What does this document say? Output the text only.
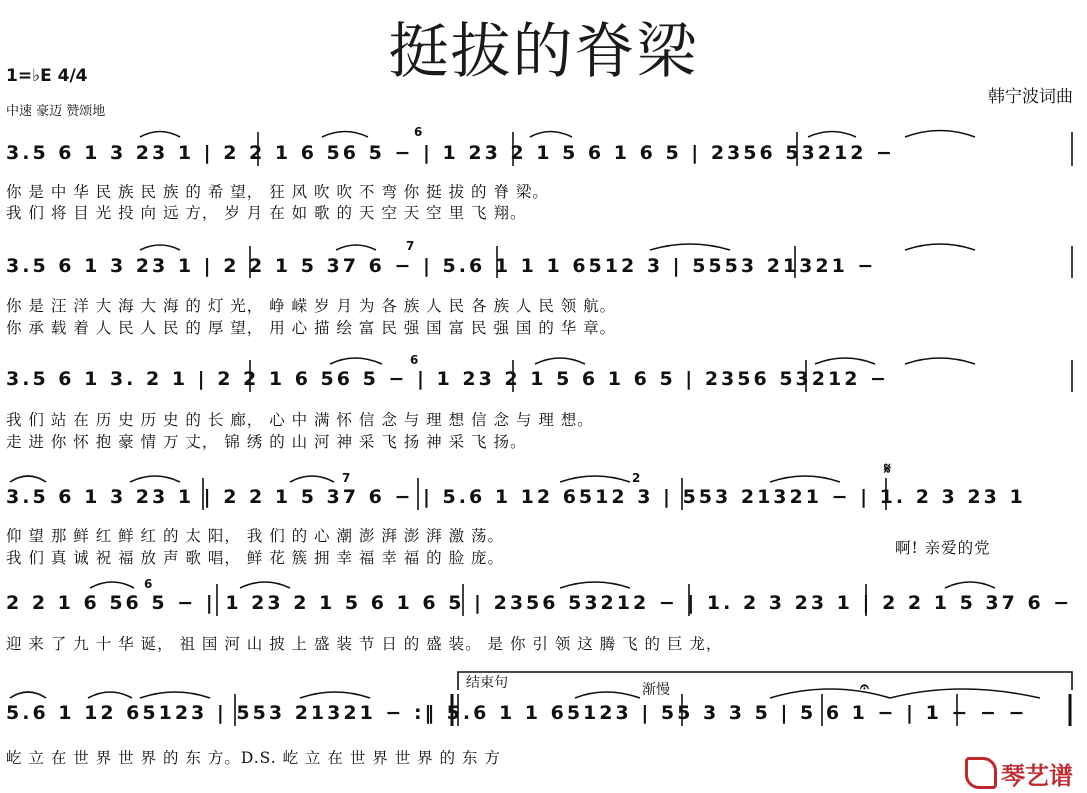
挺拔的脊梁
1=♭E 4/4
中速 豪迈 赞颂地
韩宁波词曲
6
7
6
7	2
6
𝄋
𝄐
3.5 6 1 3 23 1 | 2 2 1 6 56 5 − | 1 23 2 1 5 6 1 6 5 | 2356 53212 −
你 是 中 华 民 族 民 族 的 希 望， 狂 风 吹 吹 不 弯 你 挺 拔 的 脊 梁。
我 们 将 目 光 投 向 远 方， 岁 月 在 如 歌 的 天 空 天 空 里 飞 翔。
3.5 6 1 3 23 1 | 2 2 1 5 37 6 − | 5.6 1 1 1 6512 3 | 5553 21321 −
你 是 汪 洋 大 海 大 海 的 灯 光， 峥 嵘 岁 月 为 各 族 人 民 各 族 人 民 领 航。
你 承 载 着 人 民 人 民 的 厚 望， 用 心 描 绘 富 民 强 国 富 民 强 国 的 华 章。
3.5 6 1 3. 2 1 | 2 2 1 6 56 5 − | 1 23 2 1 5 6 1 6 5 | 2356 53212 −
我 们 站 在 历 史 历 史 的 长 廊， 心 中 满 怀 信 念 与 理 想 信 念 与 理 想。
走 进 你 怀 抱 豪 情 万 丈， 锦 绣 的 山 河 神 采 飞 扬 神 采 飞 扬。
3.5 6 1 3 23 1 | 2 2 1 5 37 6 − | 5.6 1 12 6512 3 | 553 21321 − | 1. 2 3 23 1
仰 望 那 鲜 红 鲜 红 的 太 阳， 我 们 的 心 潮 澎 湃 澎 湃 激 荡。
我 们 真 诚 祝 福 放 声 歌 唱， 鲜 花 簇 拥 幸 福 幸 福 的 脸 庞。
啊! 亲爱的党
2 2 1 6 56 5 − | 1 23 2 1 5 6 1 6 5 | 2356 53212 − | 1. 2 3 23 1 | 2 2 1 5 37 6 −
迎 来 了 九 十 华 诞， 祖 国 河 山 披 上 盛 装 节 日 的 盛 装。 是 你 引 领 这 腾 飞 的 巨 龙，
结束句	渐慢
5.6 1 12 65123 | 553 21321 − :‖ 5.6 1 1 65123 | 55 3 3 5 | 5 6 1 − | 1 − − −
屹 立 在 世 界 世 界 的 东 方。D.S. 屹 立 在 世 界 世 界 的 东 方
琴艺谱
